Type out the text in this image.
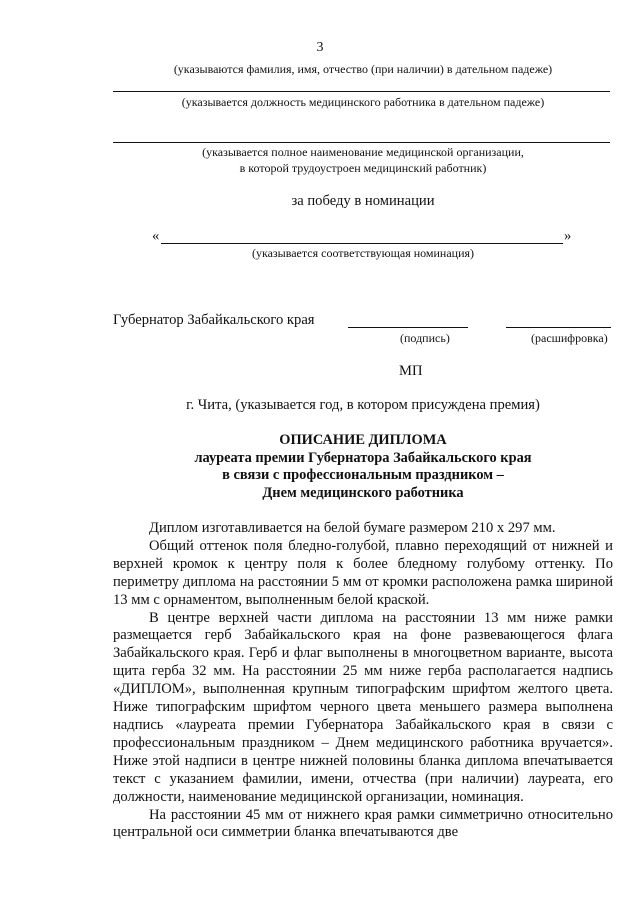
3
(указываются фамилия, имя, отчество (при наличии) в дательном падеже)
(указывается должность медицинского работника в дательном падеже)
(указывается полное наименование медицинской организации,
в которой трудоустроен медицинский работник)
за победу в номинации
«	»
(указывается соответствующая номинация)
Губернатор Забайкальского края
(подпись)	(расшифровка)
МП
г. Чита, (указывается год, в котором присуждена премия)
ОПИСАНИЕ ДИПЛОМА
лауреата премии Губернатора Забайкальского края
в связи с профессиональным праздником –
Днем медицинского работника

Диплом изготавливается на белой бумаге размером 210 х 297 мм.

Общий оттенок поля бледно-голубой, плавно переходящий от нижней и верхней кромок к центру поля к более бледному голубому оттенку. По периметру диплома на расстоянии 5 мм от кромки расположена рамка шириной 13 мм с орнаментом, выполненным белой краской.

В центре верхней части диплома на расстоянии 13 мм ниже рамки размещается герб Забайкальского края на фоне развевающегося флага Забайкальского края. Герб и флаг выполнены в многоцветном варианте, высота щита герба 32 мм. На расстоянии 25 мм ниже герба располагается надпись «ДИПЛОМ», выполненная крупным типографским шрифтом желтого цвета. Ниже типографским шрифтом черного цвета меньшего размера выполнена надпись «лауреата премии Губернатора Забайкальского края в связи с профессиональным праздником – Днем медицинского работника вручается». Ниже этой надписи в центре нижней половины бланка диплома впечатывается текст с указанием фамилии, имени, отчества (при наличии) лауреата, его должности, наименование медицинской организации, номинация.

На расстоянии 45 мм от нижнего края рамки симметрично относительно центральной оси симметрии бланка впечатываются две
